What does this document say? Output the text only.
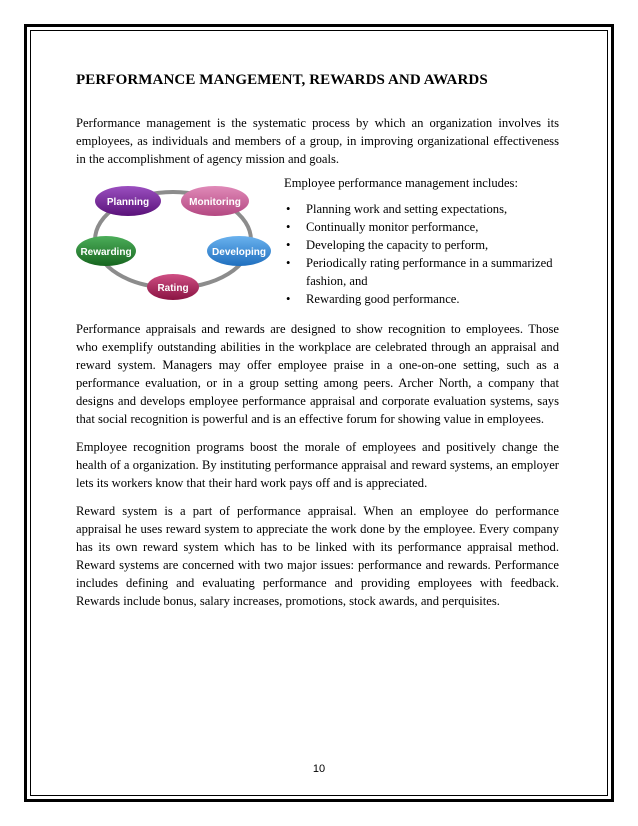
PERFORMANCE MANGEMENT, REWARDS AND AWARDS

Performance management is the systematic process by which an organization involves its employees, as individuals and members of a group, in improving organizational effectiveness in the accomplishment of agency mission and goals.

Planning	Monitoring
Developing
Rating
Rewarding
Employee performance management includes:
• Planning work and setting expectations,
• Continually monitor performance,
• Developing the capacity to perform,
• Periodically rating performance in a summarized fashion, and
• Rewarding good performance.

Performance appraisals and rewards are designed to show recognition to employees. Those who exemplify outstanding abilities in the workplace are celebrated through an appraisal and reward system. Managers may offer employee praise in a one-on-one setting, such as a performance evaluation, or in a group setting among peers. Archer North, a company that designs and develops employee performance appraisal and corporate evaluation systems, says that social recognition is powerful and is an effective forum for showing value in employees.

Employee recognition programs boost the morale of employees and positively change the health of a organization. By instituting performance appraisal and reward systems, an employer lets its workers know that their hard work pays off and is appreciated.

Reward system is a part of performance appraisal. When an employee do performance appraisal he uses reward system to appreciate the work done by the employee. Every company has its own reward system which has to be linked with its performance appraisal method. Reward systems are concerned with two major issues: performance and rewards. Performance includes defining and evaluating performance and providing employees with feedback. Rewards include bonus, salary increases, promotions, stock awards, and perquisites.

10
